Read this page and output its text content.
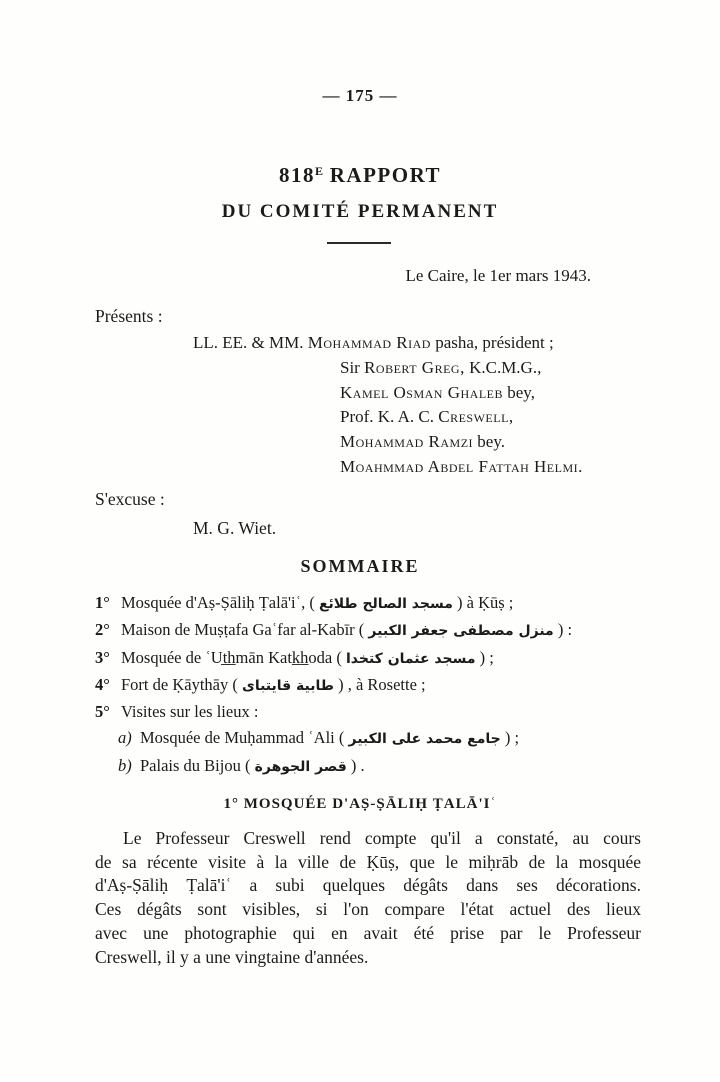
— 175 —
$818^E$ RAPPORT
DU COMITÉ PERMANENT
Le Caire, le 1er mars 1943.
Présents :
LL. EE. & MM. Mohammad Riad pasha, président ;
Sir Robert Greg, K.C.M.G.,
Kamel Osman Ghaleb bey,
Prof. K. A. C. Creswell,
Mohammad Ramzi bey.
Moahmmad Abdel Fattah Helmi.
S'excuse :
M. G. Wiet.
SOMMAIRE
1° Mosquée d'Aṣ-Ṣāliḥ Ṭalā'iʿ, ( مسجد الصالح طلائع ) à Ḳūṣ ;
2° Maison de Muṣṭafa Gaʿfar al-Kabīr ( منزل مصطفى جعفر الكبير ) :
3° Mosquée de ʿUt̲h̲mān Katk̲h̲oda ( مسجد عثمان كتخدا ) ;
4° Fort de Ḳāythāy ( طابية قايتباى ) , à Rosette ;
5° Visites sur les lieux :
a) Mosquée de Muḥammad ʿAli ( جامع محمد على الكبير ) ;
b) Palais du Bijou ( قصر الجوهرة ) .
1° MOSQUÉE D'AṢ-ṢĀLIḤ ṬALĀ'Iʿ
Le Professeur Creswell rend compte qu'il a constaté, au cours
de sa récente visite à la ville de Ḳūṣ, que le miḥrāb de la mosquée
d'Aṣ-Ṣāliḥ Ṭalā'iʿ a subi quelques dégâts dans ses décorations.
Ces dégâts sont visibles, si l'on compare l'état actuel des lieux
avec une photographie qui en avait été prise par le Professeur
Creswell, il y a une vingtaine d'années.
